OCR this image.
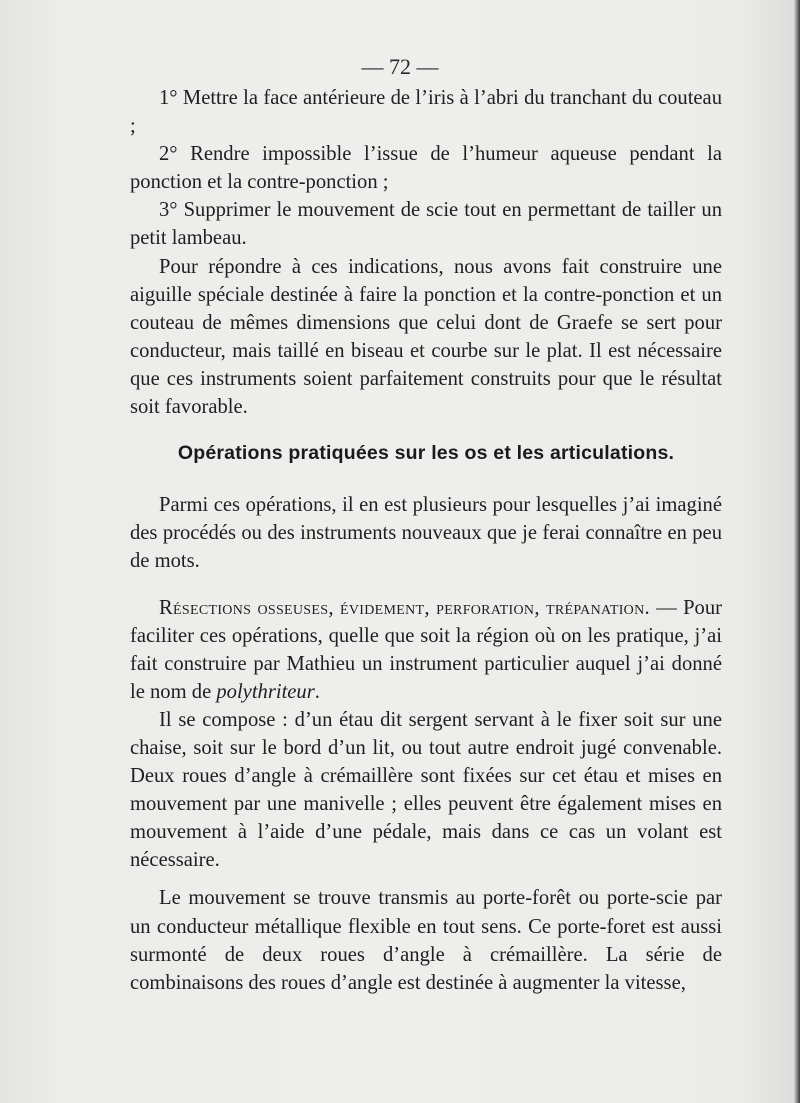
— 72 —

1° Mettre la face antérieure de l’iris à l’abri du tranchant du couteau ;

2° Rendre impossible l’issue de l’humeur aqueuse pendant la ponction et la contre-ponction ;

3° Supprimer le mouvement de scie tout en permettant de tailler un petit lambeau.

Pour répondre à ces indications, nous avons fait construire une aiguille spéciale destinée à faire la ponction et la contre-ponction et un couteau de mêmes dimensions que celui dont de Graefe se sert pour conducteur, mais taillé en biseau et courbe sur le plat. Il est nécessaire que ces instruments soient parfaitement construits pour que le résultat soit favorable.

Opérations pratiquées sur les os et les articulations.

Parmi ces opérations, il en est plusieurs pour lesquelles j’ai imaginé des procédés ou des instruments nouveaux que je ferai connaître en peu de mots.

Résections osseuses, évidement, perforation, trépanation. — Pour faciliter ces opérations, quelle que soit la région où on les pratique, j’ai fait construire par Mathieu un instrument particulier auquel j’ai donné le nom de polythriteur.

Il se compose : d’un étau dit sergent servant à le fixer soit sur une chaise, soit sur le bord d’un lit, ou tout autre endroit jugé convenable. Deux roues d’angle à crémaillère sont fixées sur cet étau et mises en mouvement par une manivelle ; elles peuvent être également mises en mouvement à l’aide d’une pédale, mais dans ce cas un volant est nécessaire.

Le mouvement se trouve transmis au porte-forêt ou porte-scie par un conducteur métallique flexible en tout sens. Ce porte-foret est aussi surmonté de deux roues d’angle à crémaillère. La série de combinaisons des roues d’angle est destinée à augmenter la vitesse,
